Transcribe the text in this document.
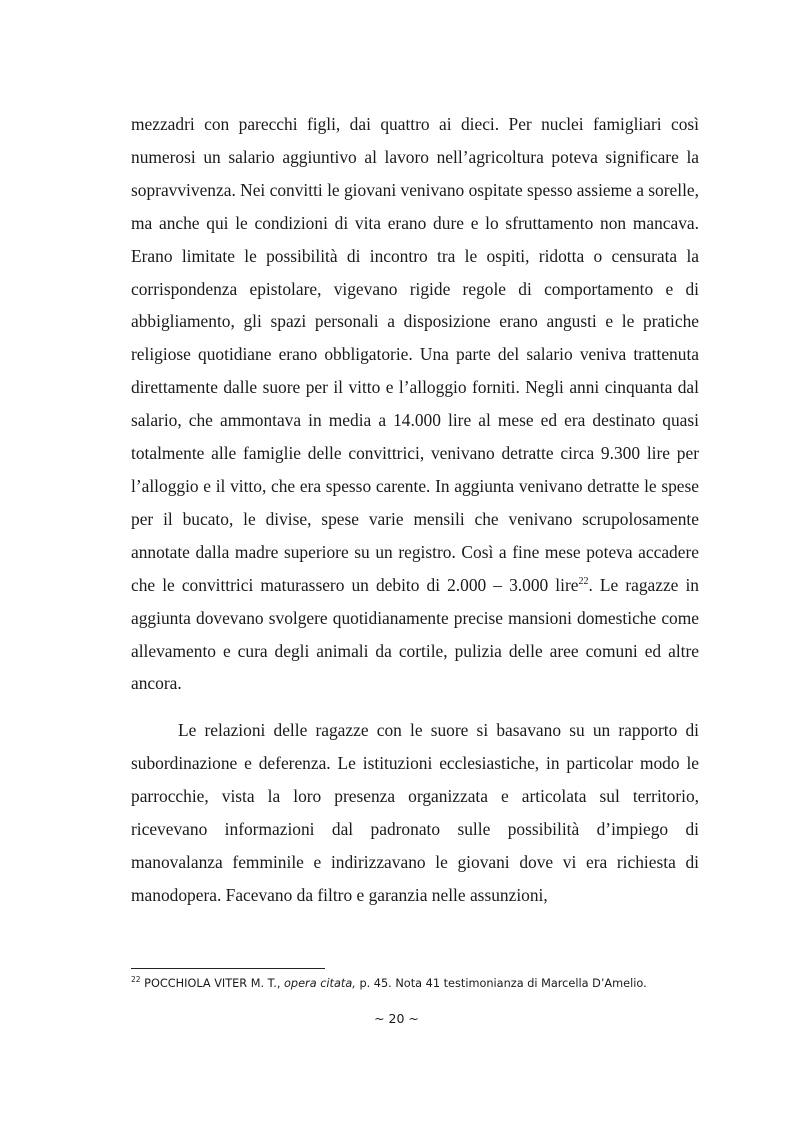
mezzadri con parecchi figli, dai quattro ai dieci. Per nuclei famigliari così numerosi un salario aggiuntivo al lavoro nell’agricoltura poteva significare la sopravvivenza. Nei convitti le giovani venivano ospitate spesso assieme a sorelle, ma anche qui le condizioni di vita erano dure e lo sfruttamento non mancava. Erano limitate le possibilità di incontro tra le ospiti, ridotta o censurata la corrispondenza epistolare, vigevano rigide regole di comportamento e di abbigliamento, gli spazi personali a disposizione erano angusti e le pratiche religiose quotidiane erano obbligatorie. Una parte del salario veniva trattenuta direttamente dalle suore per il vitto e l’alloggio forniti. Negli anni cinquanta dal salario, che ammontava in media a 14.000 lire al mese ed era destinato quasi totalmente alle famiglie delle convittrici, venivano detratte circa 9.300 lire per l’alloggio e il vitto, che era spesso carente. In aggiunta venivano detratte le spese per il bucato, le divise, spese varie mensili che venivano scrupolosamente annotate dalla madre superiore su un registro. Così a fine mese poteva accadere che le convittrici maturassero un debito di 2.000 – 3.000 lire$^{22}$. Le ragazze in aggiunta dovevano svolgere quotidianamente precise mansioni domestiche come allevamento e cura degli animali da cortile, pulizia delle aree comuni ed altre ancora.

Le relazioni delle ragazze con le suore si basavano su un rapporto di subordinazione e deferenza. Le istituzioni ecclesiastiche, in particolar modo le parrocchie, vista la loro presenza organizzata e articolata sul territorio, ricevevano informazioni dal padronato sulle possibilità d’impiego di manovalanza femminile e indirizzavano le giovani dove vi era richiesta di manodopera. Facevano da filtro e garanzia nelle assunzioni,

$^{22}$ POCCHIOLA VITER M. T., opera citata, p. 45. Nota 41 testimonianza di Marcella D’Amelio.
~ 20 ~
